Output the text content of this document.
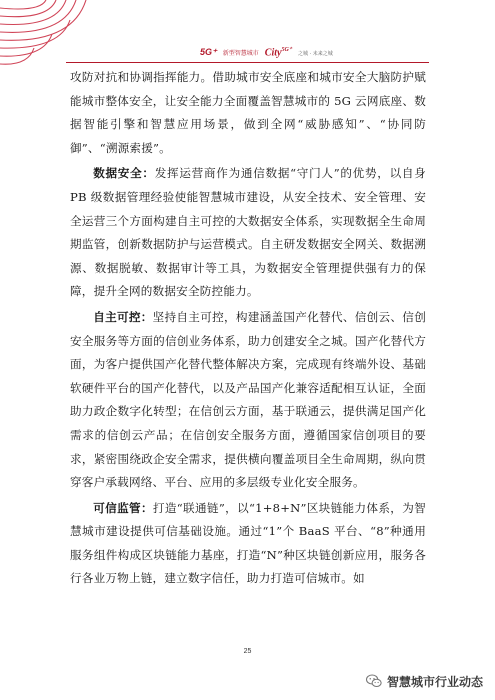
5G⁺ 新型智慧城市 City$^{5G^+}$
之城 · 未来之城

攻防对抗和协调指挥能力。借助城市安全底座和城市安全大脑防护赋能城市整体安全，让安全能力全面覆盖智慧城市的 5G 云网底座、数据智能引擎和智慧应用场景，做到全网“威胁感知”、“协同防御”、“溯源索援”。

数据安全：发挥运营商作为通信数据“守门人”的优势，以自身 PB 级数据管理经验使能智慧城市建设，从安全技术、安全管理、安全运营三个方面构建自主可控的大数据安全体系，实现数据全生命周期监管，创新数据防护与运营模式。自主研发数据安全网关、数据溯源、数据脱敏、数据审计等工具，为数据安全管理提供强有力的保障，提升全网的数据安全防控能力。

自主可控：坚持自主可控，构建涵盖国产化替代、信创云、信创安全服务等方面的信创业务体系，助力创建安全之城。国产化替代方面，为客户提供国产化替代整体解决方案，完成现有终端外设、基础软硬件平台的国产化替代，以及产品国产化兼容适配相互认证，全面助力政企数字化转型；在信创云方面，基于联通云，提供满足国产化需求的信创云产品；在信创安全服务方面，遵循国家信创项目的要求，紧密围绕政企安全需求，提供横向覆盖项目全生命周期，纵向贯穿客户承载网络、平台、应用的多层级专业化安全服务。

可信监管：打造“联通链”，以“1+8+N”区块链能力体系，为智慧城市建设提供可信基础设施。通过“1”个 BaaS 平台、“8”种通用服务组件构成区块链能力基座，打造“N”种区块链创新应用，服务各行各业万物上链，建立数字信任，助力打造可信城市。如

25
智慧城市行业动态
